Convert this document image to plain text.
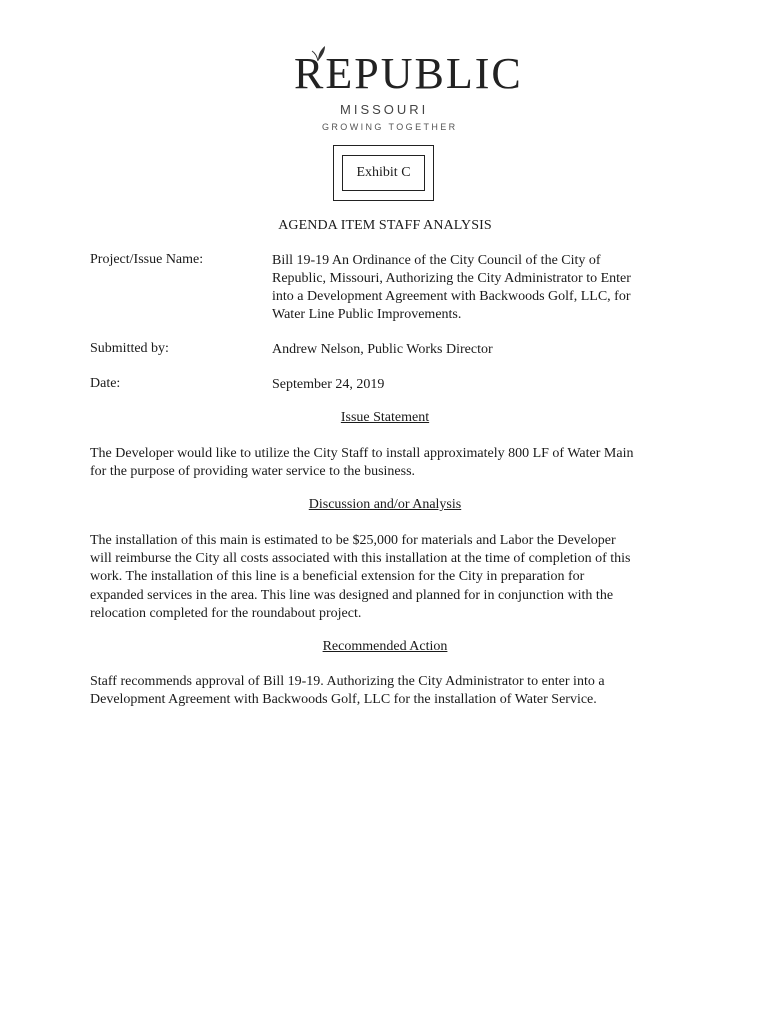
REPUBLIC
MISSOURI
GROWING TOGETHER
Exhibit C
AGENDA ITEM STAFF ANALYSIS
Project/Issue Name:	Bill 19-19 An Ordinance of the City Council of the City of
Republic, Missouri, Authorizing the City Administrator to Enter
into a Development Agreement with Backwoods Golf, LLC, for
Water Line Public Improvements.
Submitted by:	Andrew Nelson, Public Works Director
Date:	September 24, 2019
Issue Statement
The Developer would like to utilize the City Staff to install approximately 800 LF of Water Main
for the purpose of providing water service to the business.
Discussion and/or Analysis
The installation of this main is estimated to be $25,000 for materials and Labor the Developer
will reimburse the City all costs associated with this installation at the time of completion of this
work. The installation of this line is a beneficial extension for the City in preparation for
expanded services in the area. This line was designed and planned for in conjunction with the
relocation completed for the roundabout project.
Recommended Action
Staff recommends approval of Bill 19-19. Authorizing the City Administrator to enter into a
Development Agreement with Backwoods Golf, LLC for the installation of Water Service.
